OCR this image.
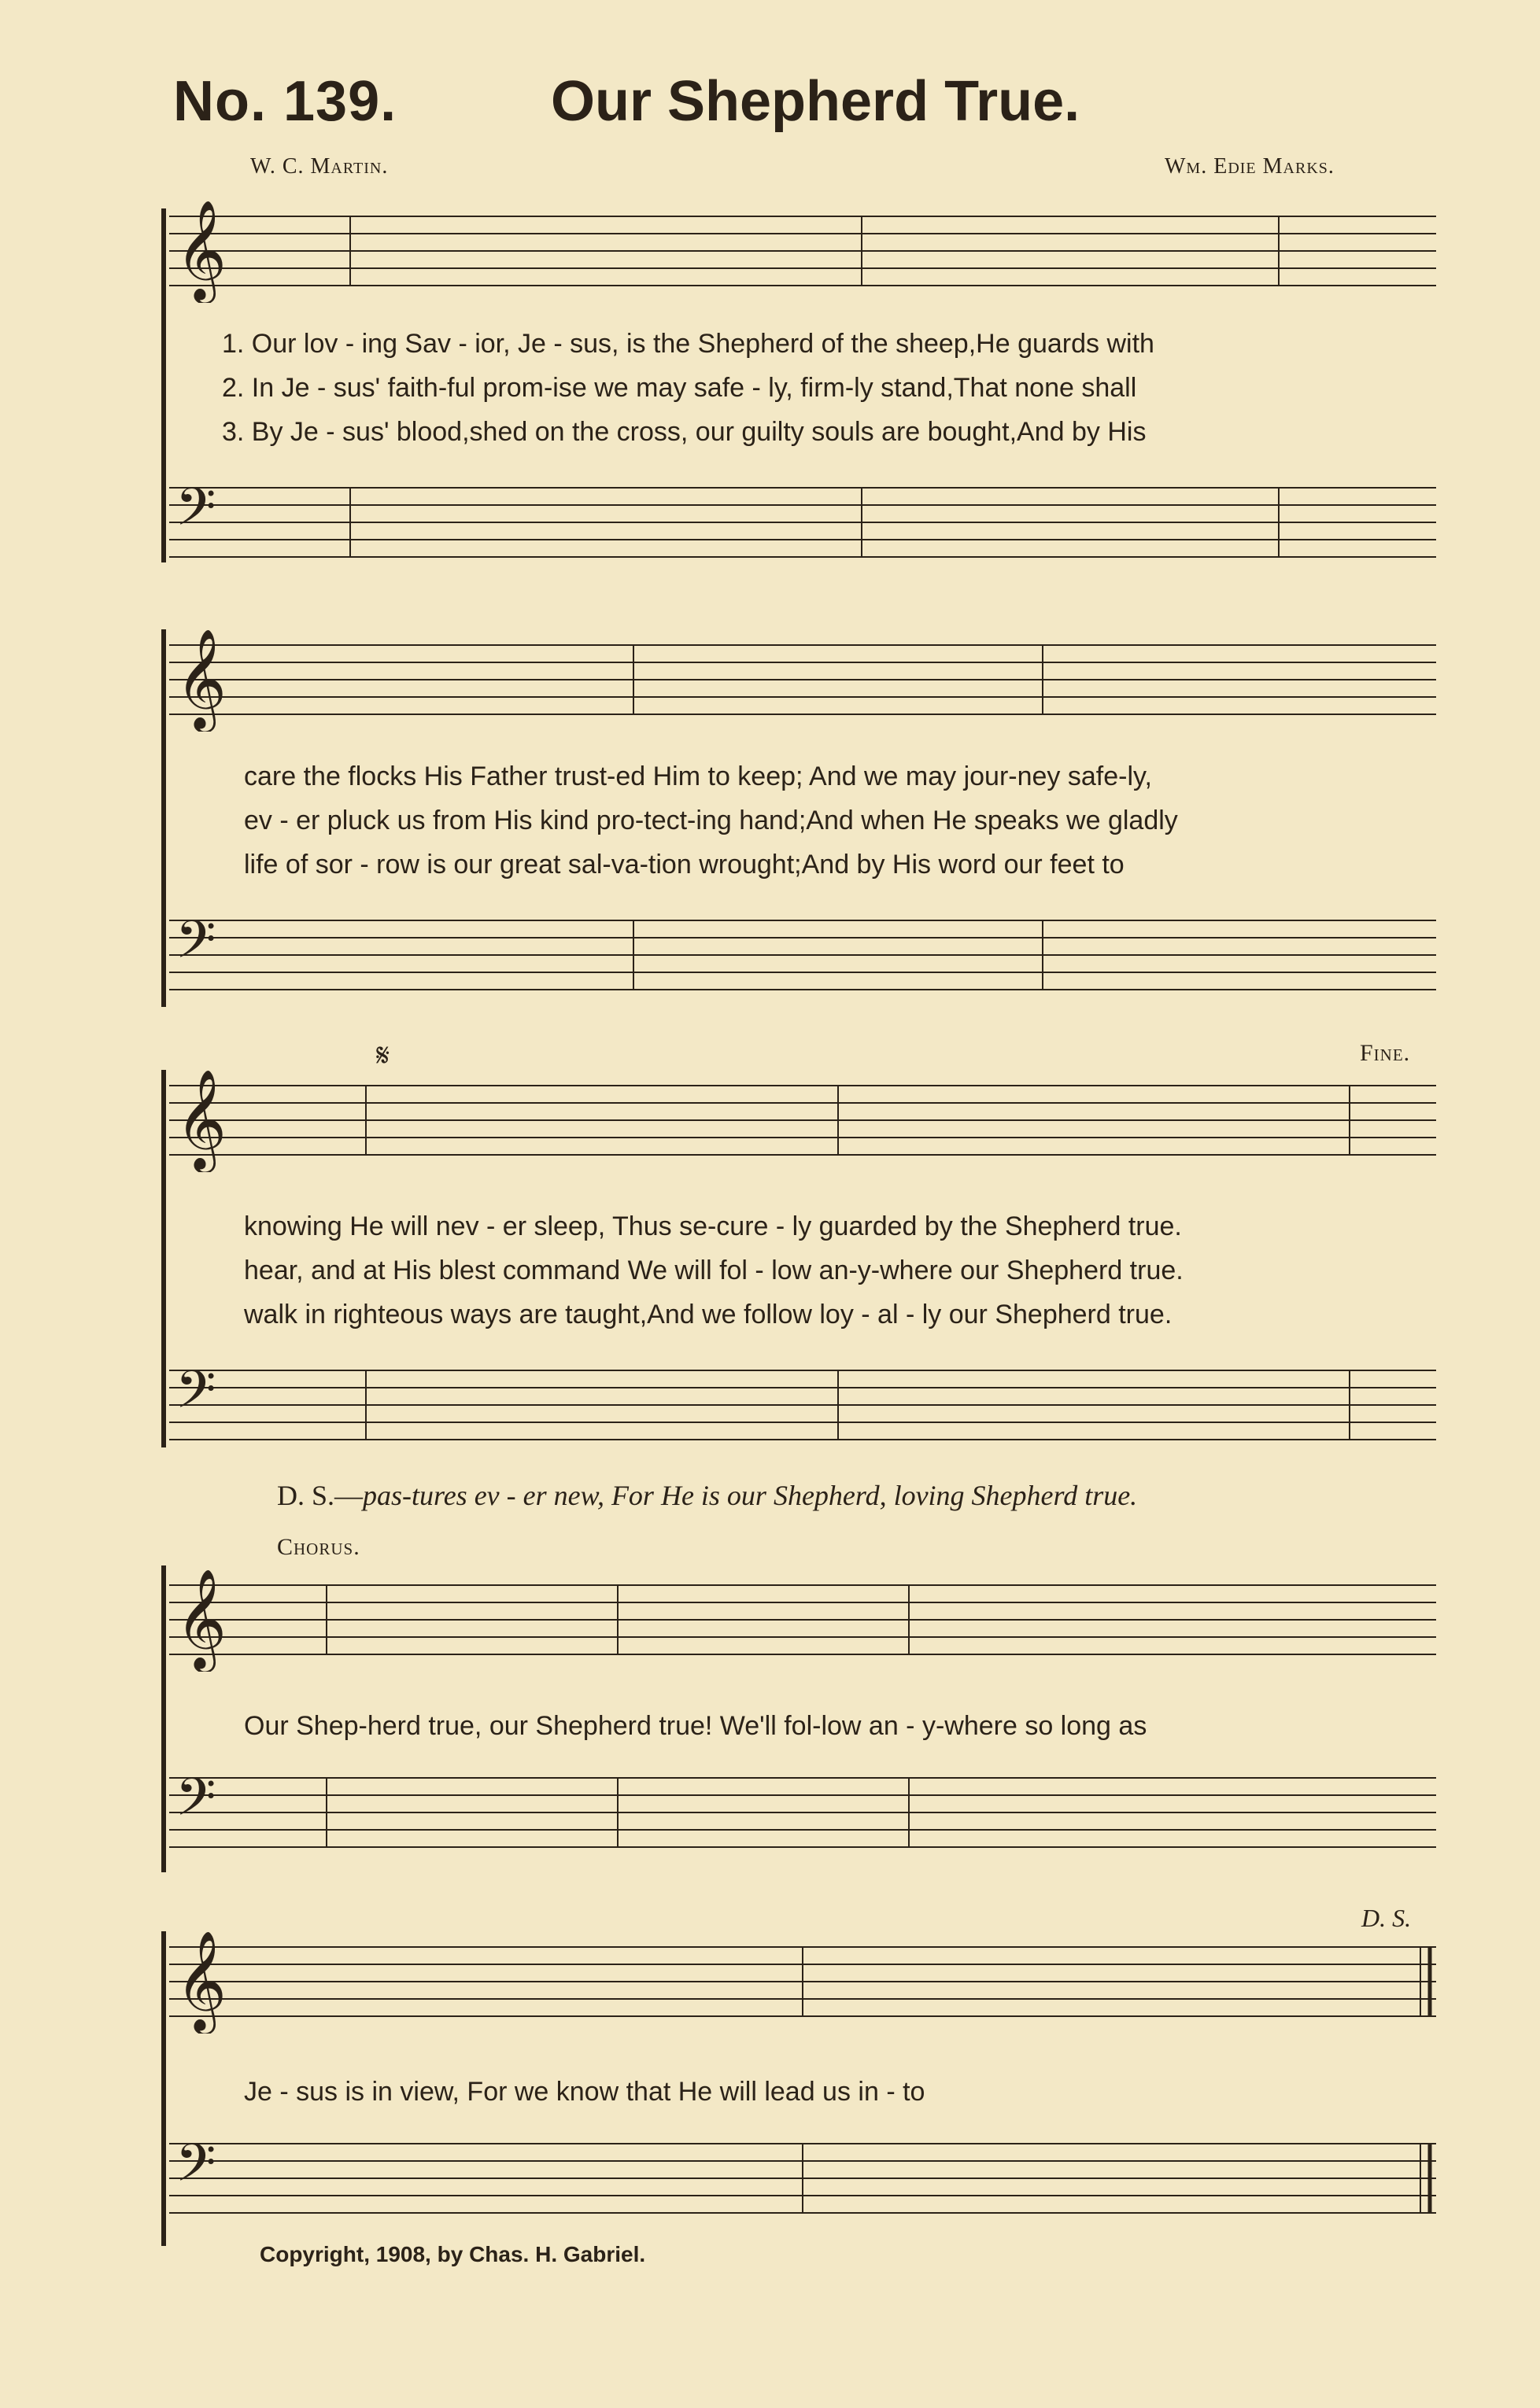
No. 139.	Our Shepherd True.
W. C. Martin.	Wm. Edie Marks.
𝄞
1. Our lov - ing Sav - ior, Je - sus, is the Shepherd of the sheep,He guards with
2. In Je - sus' faith-ful prom-ise we may safe - ly, firm-ly stand,That none shall
3. By Je - sus' blood,shed on the cross, our guilty souls are bought,And by His
𝄢
𝄞
care the flocks His Father trust-ed Him to keep; And we may jour-ney safe-ly,
ev - er pluck us from His kind pro-tect-ing hand;And when He speaks we gladly
life of sor - row is our great sal-va-tion wrought;And by His word our feet to
𝄢
𝄋	Fine.
𝄞
knowing He will nev - er sleep, Thus se-cure - ly guarded by the Shepherd true.
hear, and at His blest command We will fol - low an-y-where our Shepherd true.
walk in righteous ways are taught,And we follow loy - al - ly our Shepherd true.
𝄢
D. S.—pas-tures ev - er new, For He is our Shepherd, loving Shepherd true.
Chorus.
𝄞
Our Shep-herd true, our Shepherd true! We'll fol-low an - y-where so long as
𝄢
D. S.
𝄞
Je - sus is in view, For we know that He will lead us in - to
𝄢
Copyright, 1908, by Chas. H. Gabriel.
